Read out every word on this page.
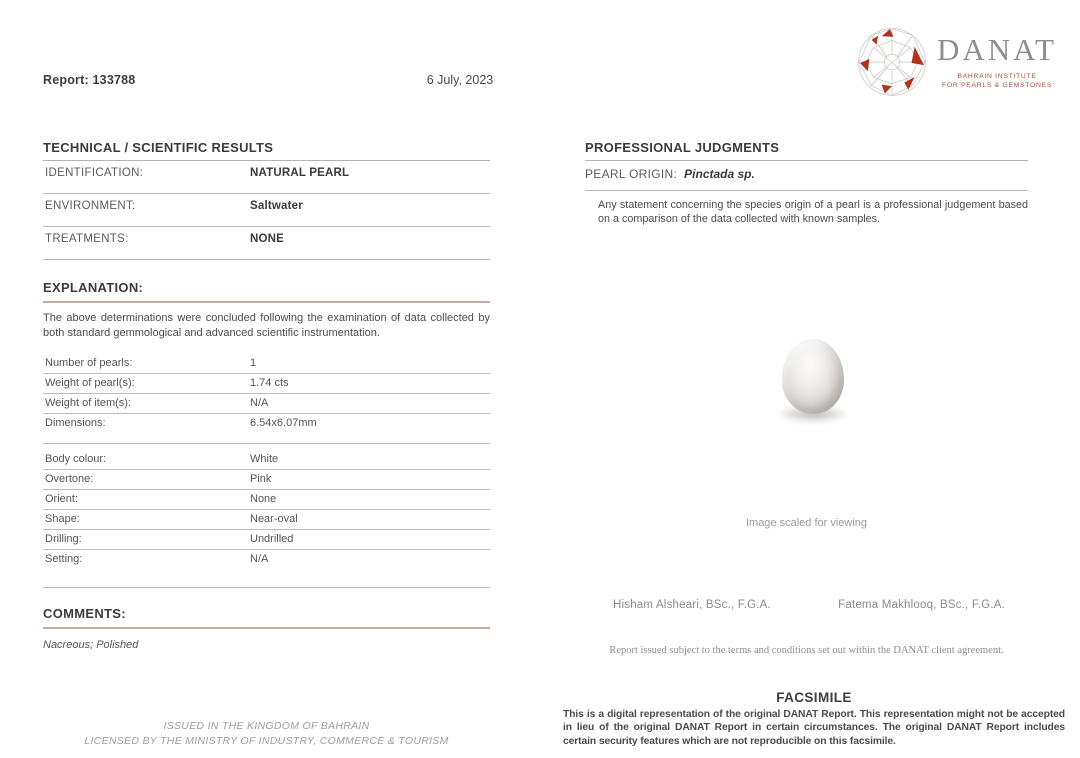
Report: 133788	6 July, 2023
DANAT
BAHRAIN INSTITUTE
FOR PEARLS & GEMSTONES
TECHNICAL / SCIENTIFIC RESULTS
IDENTIFICATION:	NATURAL PEARL
ENVIRONMENT:	Saltwater
TREATMENTS:	NONE
EXPLANATION:

The above determinations were concluded following the examination of data collected by both standard gemmological and advanced scientific instrumentation.

Number of pearls:	1
Weight of pearl(s):	1.74 cts
Weight of item(s):	N/A
Dimensions:	6.54x6.07mm
Body colour:	White
Overtone:	Pink
Orient:	None
Shape:	Near-oval
Drilling:	Undrilled
Setting:	N/A
COMMENTS:
Nacreous; Polished
ISSUED IN THE KINGDOM OF BAHRAIN
LICENSED BY THE MINISTRY OF INDUSTRY, COMMERCE & TOURISM
PROFESSIONAL JUDGMENTS
PEARL ORIGIN: Pinctada sp.

Any statement concerning the species origin of a pearl is a professional judgement based on a comparison of the data collected with known samples.

Image scaled for viewing
Hisham Alsheari, BSc., F.G.A.	Fatema Makhlooq, BSc., F.G.A.
Report issued subject to the terms and conditions set out within the DANAT client agreement.
FACSIMILE

This is a digital representation of the original DANAT Report. This representation might not be accepted in lieu of the original DANAT Report in certain circumstances. The original DANAT Report includes certain security features which are not reproducible on this facsimile.
